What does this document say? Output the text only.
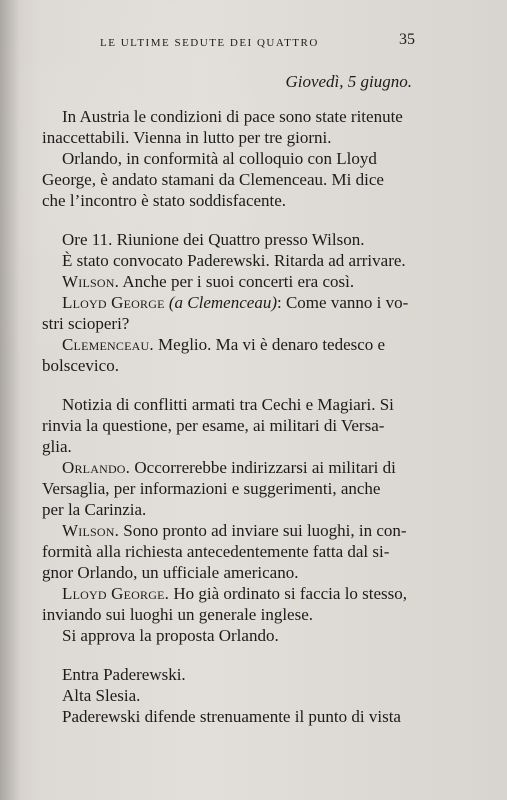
LE ULTIME SEDUTE DEI QUATTRO	35
Giovedì, 5 giugno.
In Austria le condizioni di pace sono state ritenute
inaccettabili. Vienna in lutto per tre giorni.
Orlando, in conformità al colloquio con Lloyd
George, è andato stamani da Clemenceau. Mi dice
che l’incontro è stato soddisfacente.
Ore 11. Riunione dei Quattro presso Wilson.
È stato convocato Paderewski. Ritarda ad arrivare.
Wilson. Anche per i suoi concerti era così.
Lloyd George (a Clemenceau): Come vanno i vo-
stri scioperi?
Clemenceau. Meglio. Ma vi è denaro tedesco e
bolscevico.
Notizia di conflitti armati tra Cechi e Magiari. Si
rinvia la questione, per esame, ai militari di Versa-
glia.
Orlando. Occorrerebbe indirizzarsi ai militari di
Versaglia, per informazioni e suggerimenti, anche
per la Carinzia.
Wilson. Sono pronto ad inviare sui luoghi, in con-
formità alla richiesta antecedentemente fatta dal si-
gnor Orlando, un ufficiale americano.
Lloyd George. Ho già ordinato si faccia lo stesso,
inviando sui luoghi un generale inglese.
Si approva la proposta Orlando.
Entra Paderewski.
Alta Slesia.
Paderewski difende strenuamente il punto di vista
